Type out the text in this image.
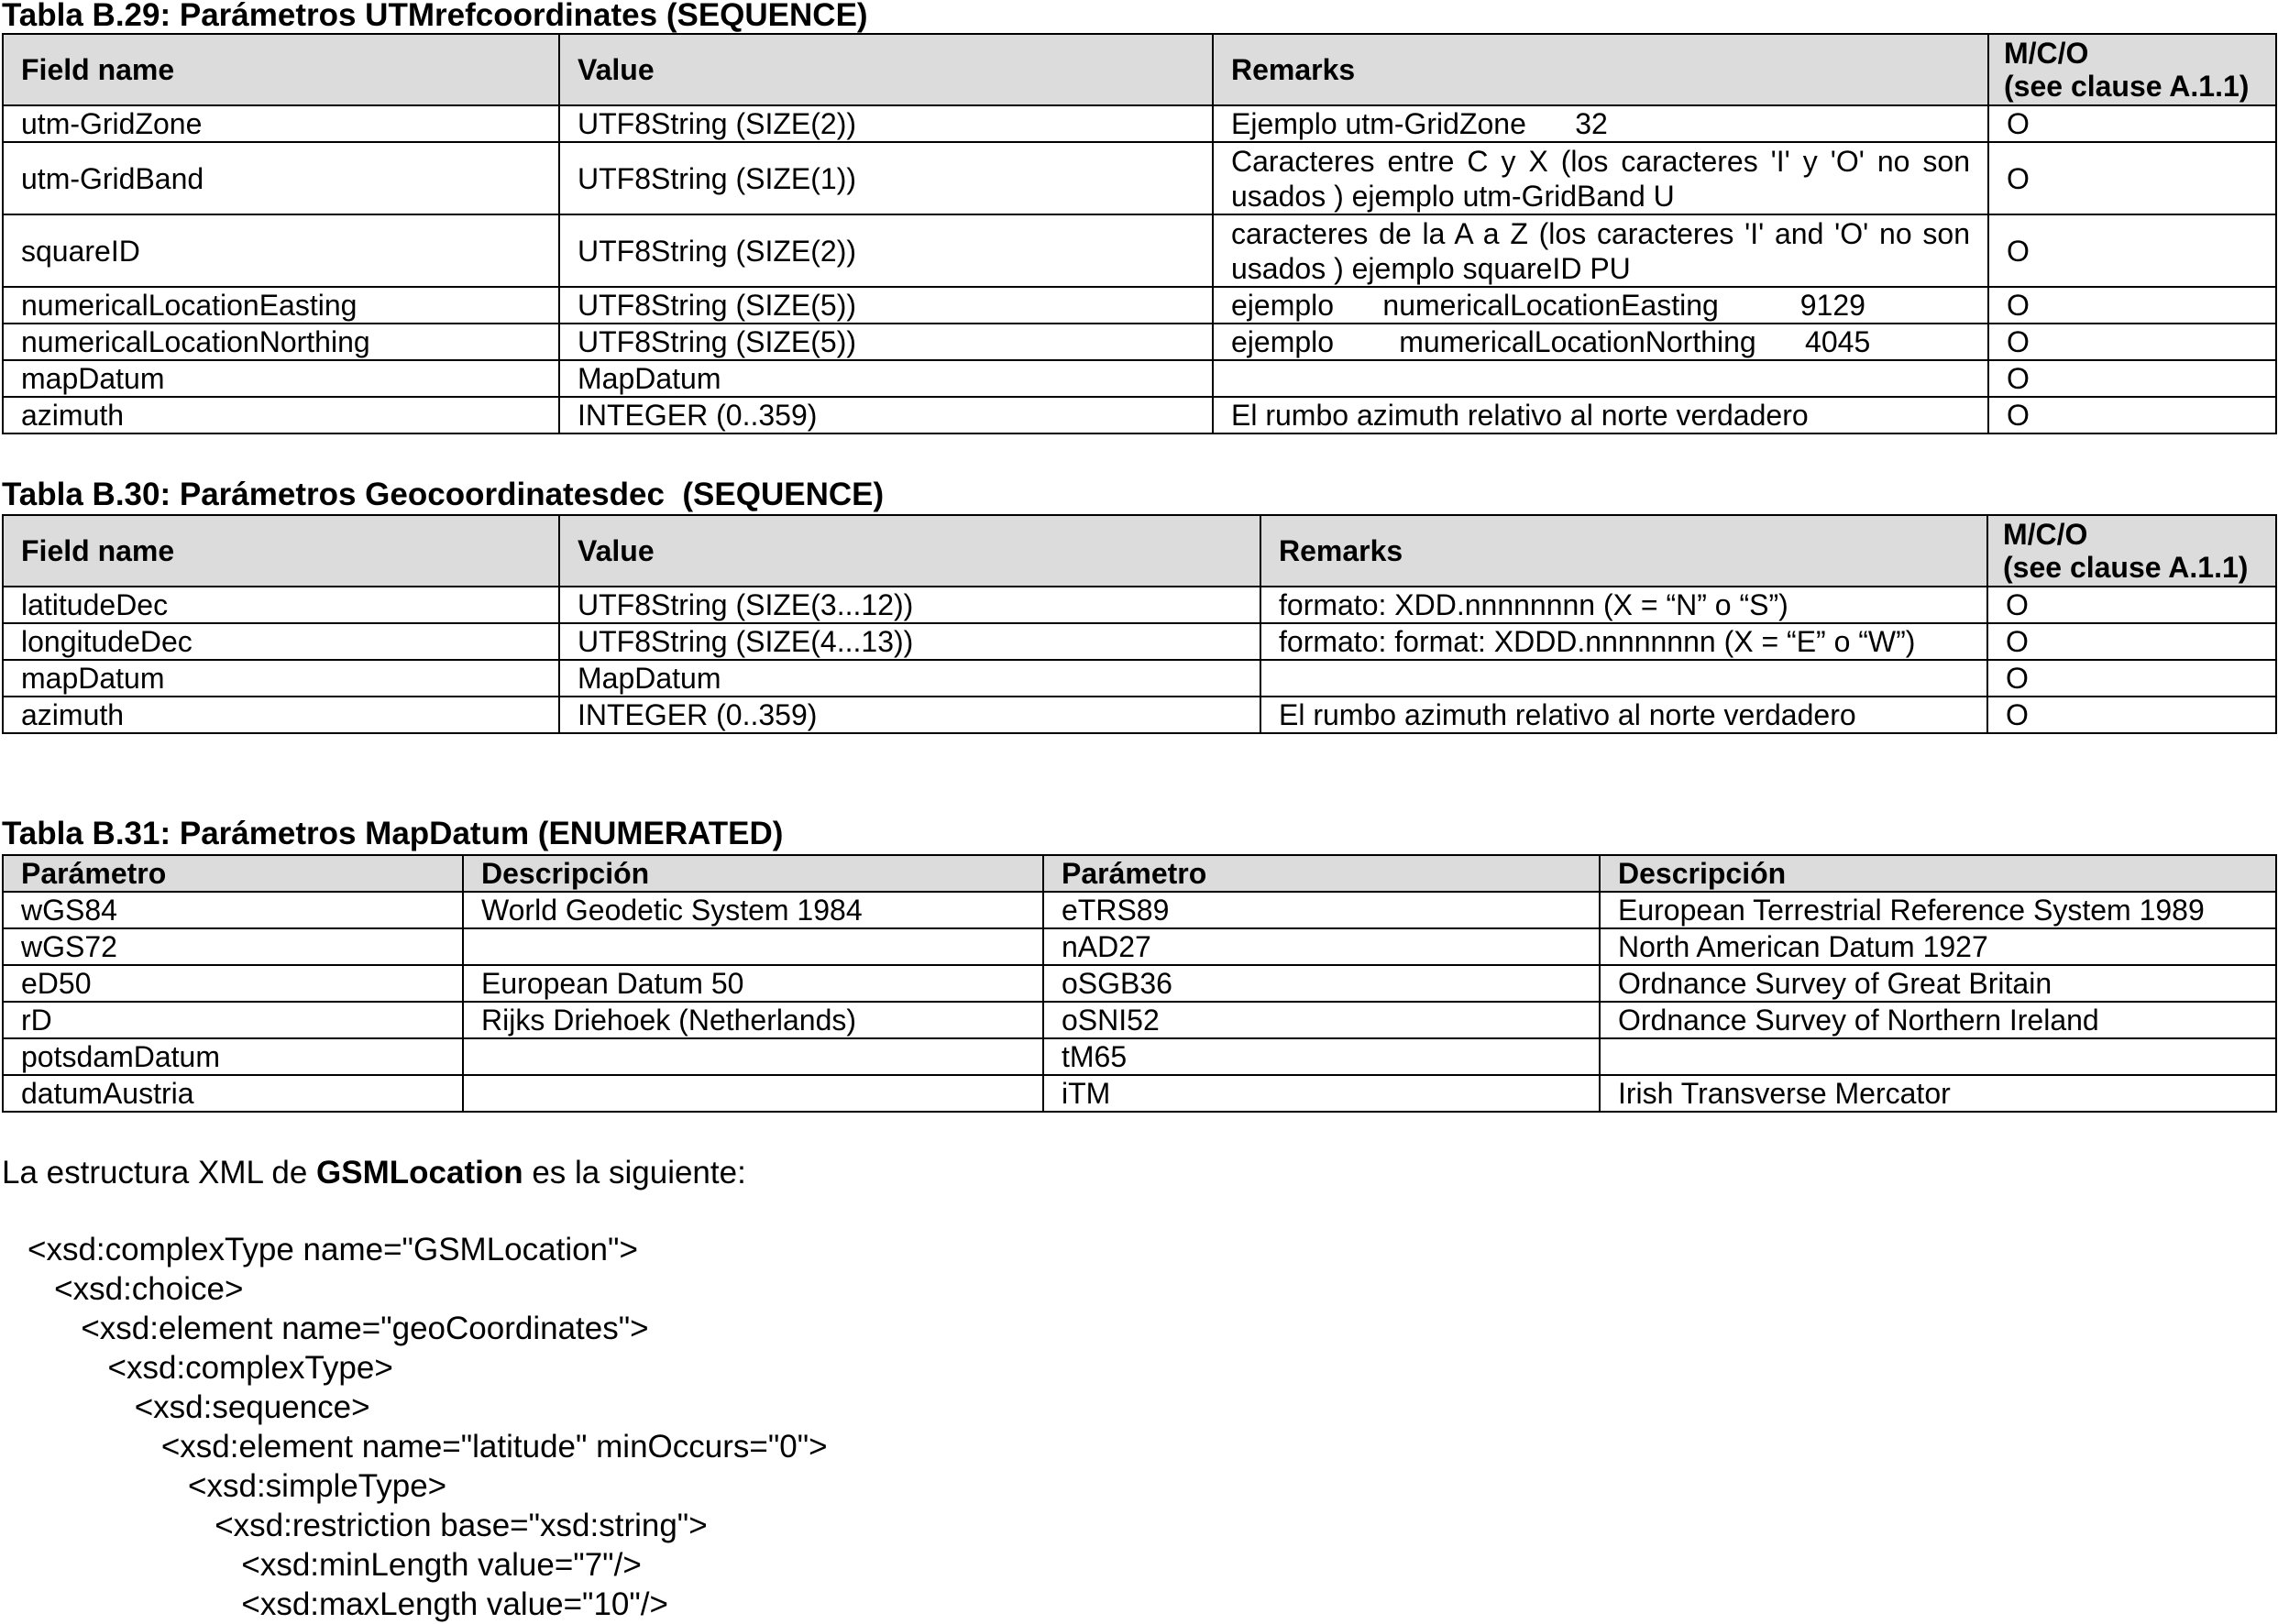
Tabla B.29: Parámetros UTMrefcoordinates (SEQUENCE)
Field name	Value	Remarks	M/C/O
(see clause A.1.1)
utm-GridZone	UTF8String (SIZE(2))	Ejemplo utm-GridZone      32	O
utm-GridBand	UTF8String (SIZE(1))	Caracteres entre C y X (los caracteres 'I' y 'O' no son usados ) ejemplo utm-GridBand U	O
squareID	UTF8String (SIZE(2))	caracteres de la A a Z (los caracteres 'I' and 'O' no son usados ) ejemplo squareID PU	O
numericalLocationEasting	UTF8String (SIZE(5))	ejemplo      numericalLocationEasting          9129	O
numericalLocationNorthing	UTF8String (SIZE(5))	ejemplo        mumericalLocationNorthing      4045	O
mapDatum	MapDatum		O
azimuth	INTEGER (0..359)	El rumbo azimuth relativo al norte verdadero	O
Tabla B.30: Parámetros Geocoordinatesdec  (SEQUENCE)
Field name	Value	Remarks	M/C/O
(see clause A.1.1)
latitudeDec	UTF8String (SIZE(3...12))	formato: XDD.nnnnnnnn (X = “N” o “S”)	O
longitudeDec	UTF8String (SIZE(4...13))	formato: format: XDDD.nnnnnnnn (X = “E” o “W”)	O
mapDatum	MapDatum		O
azimuth	INTEGER (0..359)	El rumbo azimuth relativo al norte verdadero	O
Tabla B.31: Parámetros MapDatum (ENUMERATED)
Parámetro	Descripción	Parámetro	Descripción
wGS84	World Geodetic System 1984	eTRS89	European Terrestrial Reference System 1989
wGS72		nAD27	North American Datum 1927
eD50	European Datum 50	oSGB36	Ordnance Survey of Great Britain
rD	Rijks Driehoek (Netherlands)	oSNI52	Ordnance Survey of Northern Ireland
potsdamDatum		tM65	
datumAustria		iTM	Irish Transverse Mercator
La estructura XML de GSMLocation es la siguiente:
<xsd:complexType name="GSMLocation">
<xsd:choice>
<xsd:element name="geoCoordinates">
<xsd:complexType>
<xsd:sequence>
<xsd:element name="latitude" minOccurs="0">
<xsd:simpleType>
<xsd:restriction base="xsd:string">
<xsd:minLength value="7"/>
<xsd:maxLength value="10"/>
